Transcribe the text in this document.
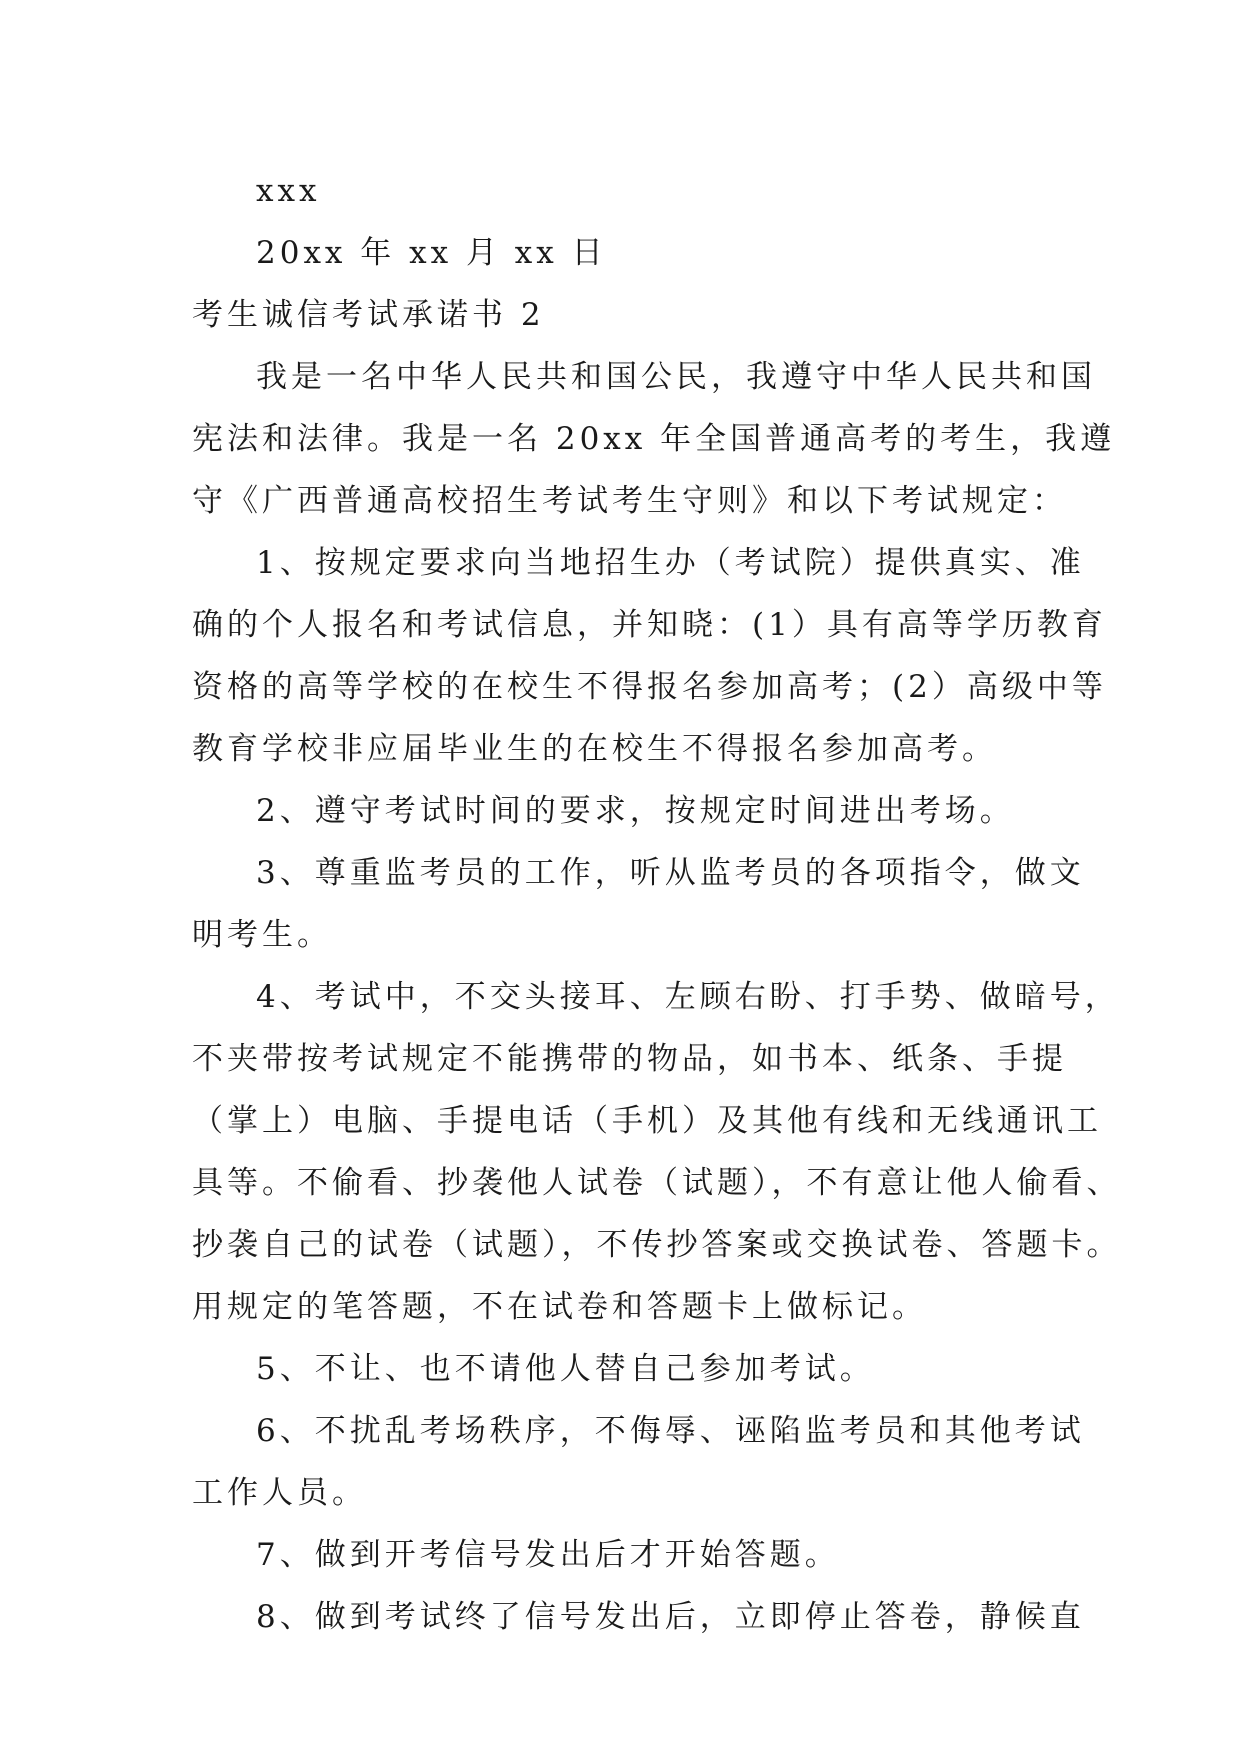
xxx

20xx 年 xx 月 xx 日

考生诚信考试承诺书 2

我是一名中华人民共和国公民，我遵守中华人民共和国

宪法和法律。我是一名 20xx 年全国普通高考的考生，我遵

守《广西普通高校招生考试考生守则》和以下考试规定：

1、按规定要求向当地招生办（考试院）提供真实、准

确的个人报名和考试信息，并知晓：(1）具有高等学历教育

资格的高等学校的在校生不得报名参加高考；(2）高级中等

教育学校非应届毕业生的在校生不得报名参加高考。

2、遵守考试时间的要求，按规定时间进出考场。

3、尊重监考员的工作，听从监考员的各项指令，做文

明考生。

4、考试中，不交头接耳、左顾右盼、打手势、做暗号，

不夹带按考试规定不能携带的物品，如书本、纸条、手提

（掌上）电脑、手提电话（手机）及其他有线和无线通讯工

具等。不偷看、抄袭他人试卷（试题），不有意让他人偷看、

抄袭自己的试卷（试题），不传抄答案或交换试卷、答题卡。

用规定的笔答题，不在试卷和答题卡上做标记。

5、不让、也不请他人替自己参加考试。

6、不扰乱考场秩序，不侮辱、诬陷监考员和其他考试

工作人员。

7、做到开考信号发出后才开始答题。

8、做到考试终了信号发出后，立即停止答卷，静候直
